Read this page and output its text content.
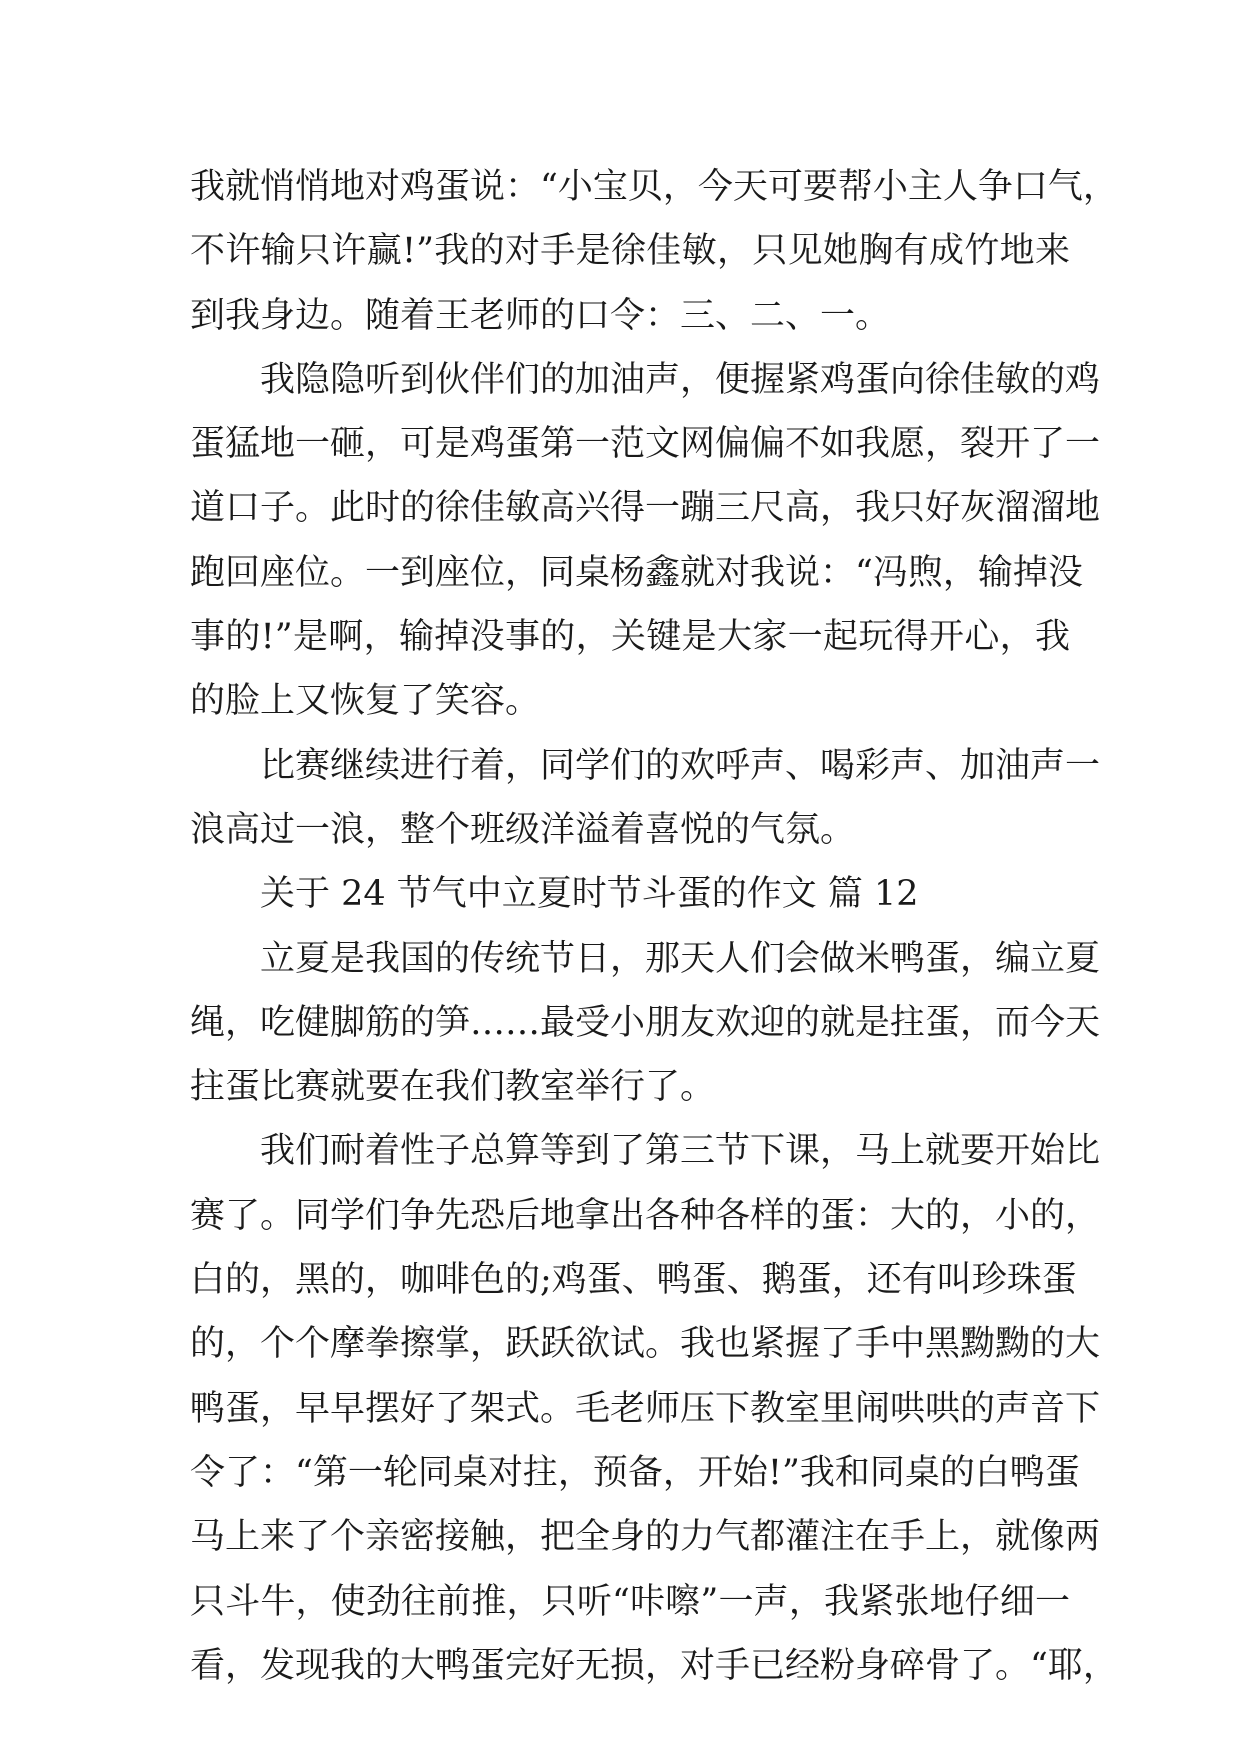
我就悄悄地对鸡蛋说：“小宝贝，今天可要帮小主人争口气，
不许输只许赢!”我的对手是徐佳敏，只见她胸有成竹地来
到我身边。随着王老师的口令：三、二、一。
我隐隐听到伙伴们的加油声，便握紧鸡蛋向徐佳敏的鸡
蛋猛地一砸，可是鸡蛋第一范文网偏偏不如我愿，裂开了一
道口子。此时的徐佳敏高兴得一蹦三尺高，我只好灰溜溜地
跑回座位。一到座位，同桌杨鑫就对我说：“冯煦，输掉没
事的!”是啊，输掉没事的，关键是大家一起玩得开心，我
的脸上又恢复了笑容。
比赛继续进行着，同学们的欢呼声、喝彩声、加油声一
浪高过一浪，整个班级洋溢着喜悦的气氛。
关于 24 节气中立夏时节斗蛋的作文 篇 12
立夏是我国的传统节日，那天人们会做米鸭蛋，编立夏
绳，吃健脚筋的笋……最受小朋友欢迎的就是拄蛋，而今天
拄蛋比赛就要在我们教室举行了。
我们耐着性子总算等到了第三节下课，马上就要开始比
赛了。同学们争先恐后地拿出各种各样的蛋：大的，小的，
白的，黑的，咖啡色的;鸡蛋、鸭蛋、鹅蛋，还有叫珍珠蛋
的，个个摩拳擦掌，跃跃欲试。我也紧握了手中黑黝黝的大
鸭蛋，早早摆好了架式。毛老师压下教室里闹哄哄的声音下
令了：“第一轮同桌对拄，预备，开始!”我和同桌的白鸭蛋
马上来了个亲密接触，把全身的力气都灌注在手上，就像两
只斗牛，使劲往前推，只听“咔嚓”一声，我紧张地仔细一
看，发现我的大鸭蛋完好无损，对手已经粉身碎骨了。“耶，
